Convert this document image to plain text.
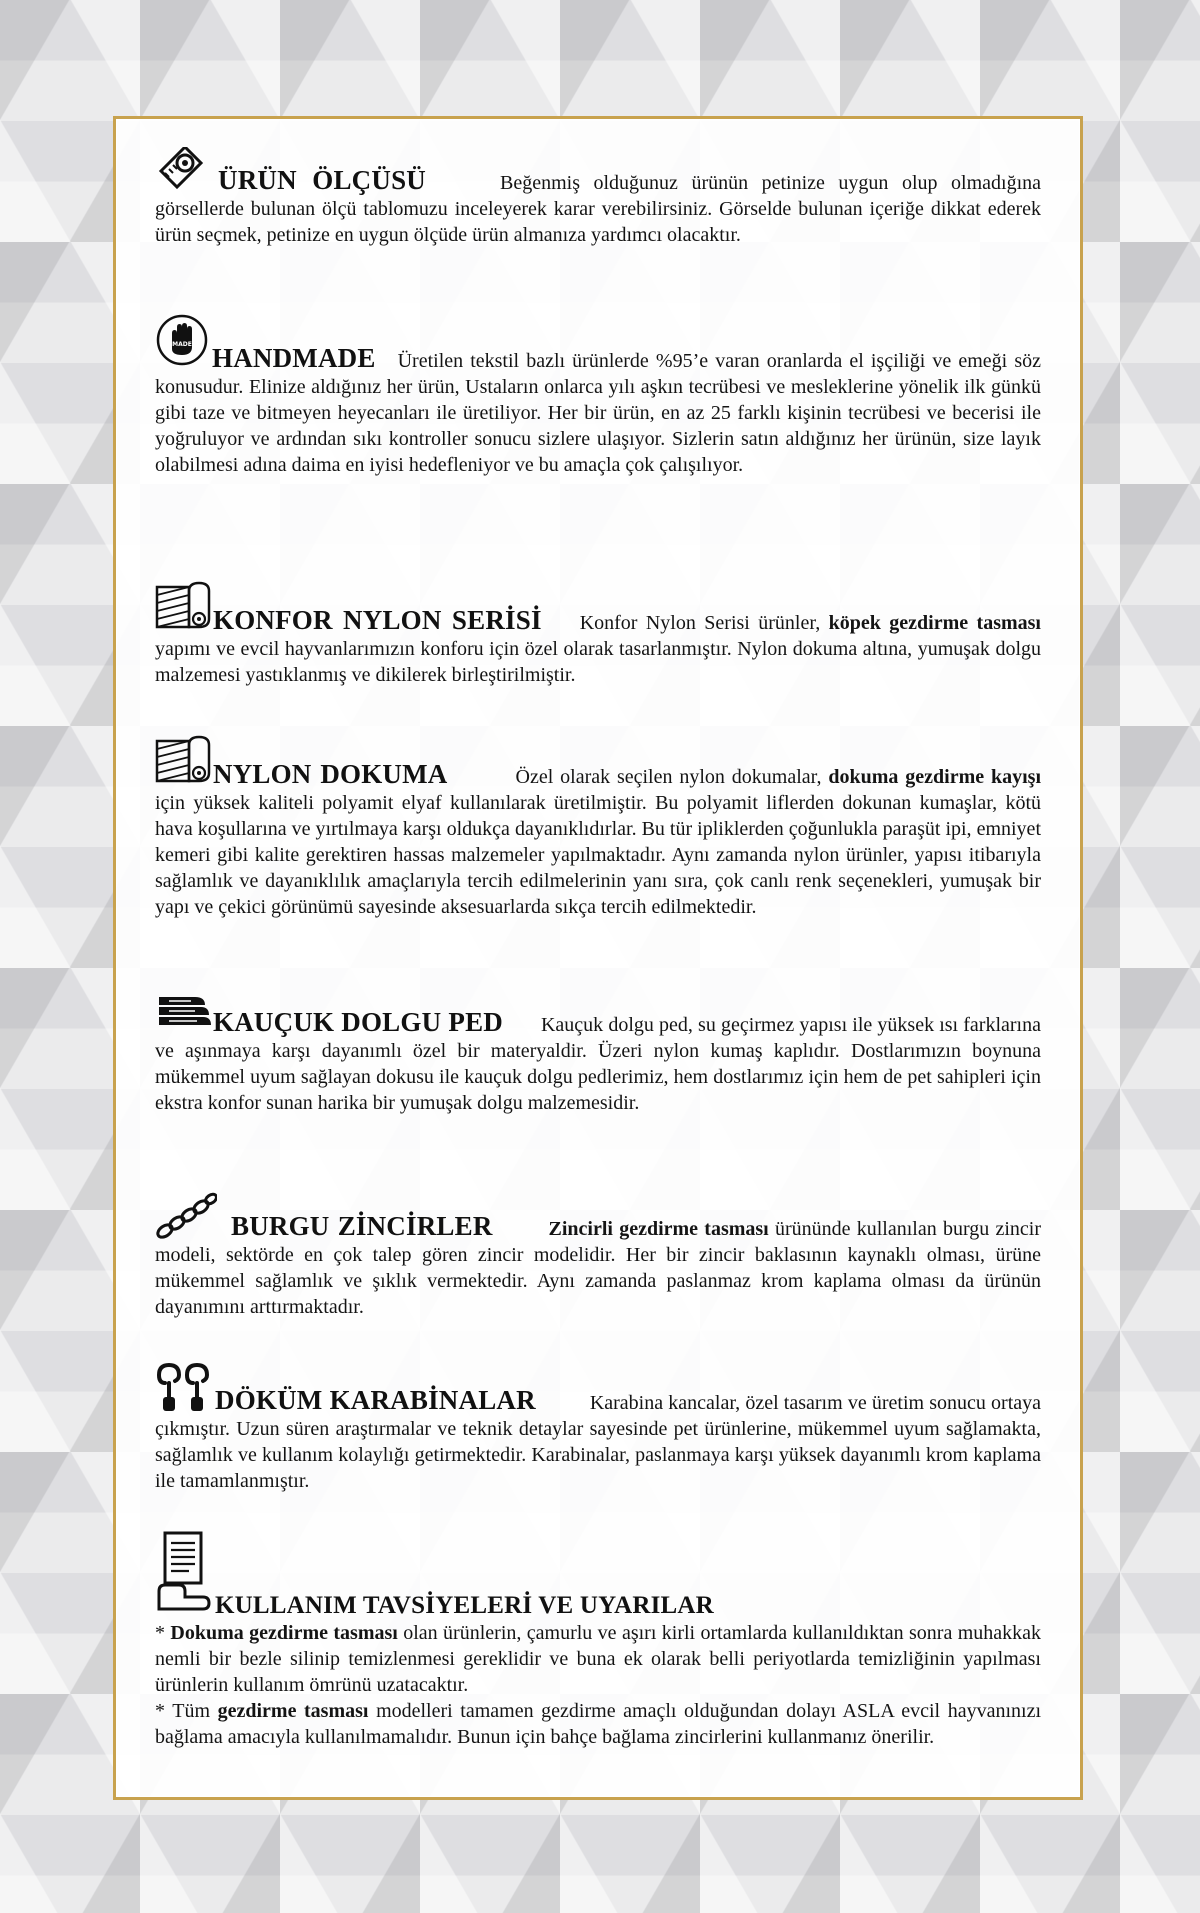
ÜRÜN ÖLÇÜSÜ	Beğenmiş olduğunuz ürünün petinize uygun olup olmadığına görsellerde bulunan ölçü tablomuzu inceleyerek karar verebilirsiniz. Görselde bulunan içeriğe dikkat ederek ürün seçmek, petinize en uygun ölçüde ürün almanıza yardımcı olacaktır.

MADE HANDMADE Üretilen tekstil bazlı ürünlerde %95’e varan oranlarda el işçiliği ve emeği söz konusudur. Elinize aldığınız her ürün, Ustaların onlarca yılı aşkın tecrübesi ve mesleklerine yönelik ilk günkü gibi taze ve bitmeyen heyecanları ile üretiliyor. Her bir ürün, en az 25 farklı kişinin tecrübesi ve becerisi ile yoğruluyor ve ardından sıkı kontroller sonucu sizlere ulaşıyor. Sizlerin satın aldığınız her ürünün, size layık olabilmesi adına daima en iyisi hedefleniyor ve bu amaçla çok çalışılıyor.

KONFOR NYLON SERİSİ Konfor Nylon Serisi ürünler, köpek gezdirme tasması yapımı ve evcil hayvanlarımızın konforu için özel olarak tasarlanmıştır. Nylon dokuma altına, yumuşak dolgu malzemesi yastıklanmış ve dikilerek birleştirilmiştir.

NYLON DOKUMA	Özel olarak seçilen nylon dokumalar, dokuma gezdirme kayışı için yüksek kaliteli polyamit elyaf kullanılarak üretilmiştir. Bu polyamit liflerden dokunan kumaşlar, kötü hava koşullarına ve yırtılmaya karşı oldukça dayanıklıdırlar. Bu tür ipliklerden çoğunlukla paraşüt ipi, emniyet kemeri gibi kalite gerektiren hassas malzemeler yapılmaktadır. Aynı zamanda nylon ürünler, yapısı itibarıyla sağlamlık ve dayanıklılık amaçlarıyla tercih edilmelerinin yanı sıra, çok canlı renk seçenekleri, yumuşak bir yapı ve çekici görünümü sayesinde aksesuarlarda sıkça tercih edilmektedir.

KAUÇUK DOLGU PED Kauçuk dolgu ped, su geçirmez yapısı ile yüksek ısı farklarına ve aşınmaya karşı dayanımlı özel bir materyaldir. Üzeri nylon kumaş kaplıdır. Dostlarımızın boynuna mükemmel uyum sağlayan dokusu ile kauçuk dolgu pedlerimiz, hem dostlarımız için hem de pet sahipleri için ekstra konfor sunan harika bir yumuşak dolgu malzemesidir.

BURGU ZİNCİRLER	Zincirli gezdirme tasması ürününde kullanılan burgu zincir modeli, sektörde en çok talep gören zincir modelidir. Her bir zincir baklasının kaynaklı olması, ürüne mükemmel sağlamlık ve şıklık vermektedir. Aynı zamanda paslanmaz krom kaplama olması da ürünün dayanımını arttırmaktadır.

DÖKÜM KARABİNALAR	Karabina kancalar, özel tasarım ve üretim sonucu ortaya çıkmıştır. Uzun süren araştırmalar ve teknik detaylar sayesinde pet ürünlerine, mükemmel uyum sağlamakta, sağlamlık ve kullanım kolaylığı getirmektedir. Karabinalar, paslanmaya karşı yüksek dayanımlı krom kaplama ile tamamlanmıştır.

KULLANIM TAVSİYELERİ VE UYARILAR

* Dokuma gezdirme tasması olan ürünlerin, çamurlu ve aşırı kirli ortamlarda kullanıldıktan sonra muhakkak nemli bir bezle silinip temizlenmesi gereklidir ve buna ek olarak belli periyotlarda temizliğinin yapılması ürünlerin kullanım ömrünü uzatacaktır.

* Tüm gezdirme tasması modelleri tamamen gezdirme amaçlı olduğundan dolayı ASLA evcil hayvanınızı bağlama amacıyla kullanılmamalıdır. Bunun için bahçe bağlama zincirlerini kullanmanız önerilir.
